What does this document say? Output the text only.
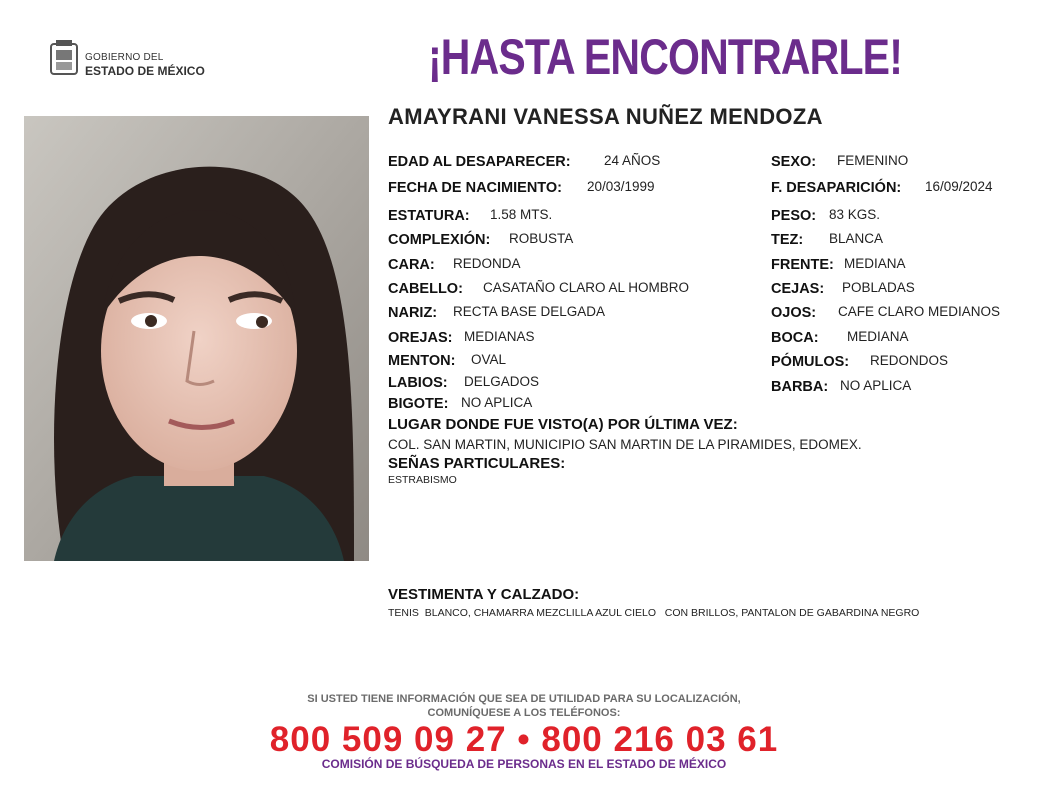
GOBIERNO DEL
ESTADO DE MÉXICO	¡HASTA ENCONTRARLE!
AMAYRANI VANESSA NUÑEZ MENDOZA
EDAD AL DESAPARECER: 24 AÑOS
FECHA DE NACIMIENTO: 20/03/1999
ESTATURA: 1.58 MTS.
COMPLEXIÓN: ROBUSTA
CARA: REDONDA
CABELLO: CASATAÑO CLARO AL HOMBRO
NARIZ: RECTA BASE DELGADA
OREJAS: MEDIANAS
MENTON: OVAL
LABIOS: DELGADOS
BIGOTE: NO APLICA
SEXO: FEMENINO
F. DESAPARICIÓN: 16/09/2024
PESO: 83 KGS.
TEZ: BLANCA
FRENTE: MEDIANA
CEJAS: POBLADAS
OJOS: CAFE CLARO MEDIANOS
BOCA: MEDIANA
PÓMULOS: REDONDOS
BARBA: NO APLICA
LUGAR DONDE FUE VISTO(A) POR ÚLTIMA VEZ:
COL. SAN MARTIN, MUNICIPIO SAN MARTIN DE LA PIRAMIDES, EDOMEX.
SEÑAS PARTICULARES:
ESTRABISMO
VESTIMENTA Y CALZADO:
TENIS  BLANCO, CHAMARRA MEZCLILLA AZUL CIELO   CON BRILLOS, PANTALON DE GABARDINA NEGRO
SI USTED TIENE INFORMACIÓN QUE SEA DE UTILIDAD PARA SU LOCALIZACIÓN,
COMUNÍQUESE A LOS TELÉFONOS:
800 509 09 27 • 800 216 03 61
COMISIÓN DE BÚSQUEDA DE PERSONAS EN EL ESTADO DE MÉXICO
